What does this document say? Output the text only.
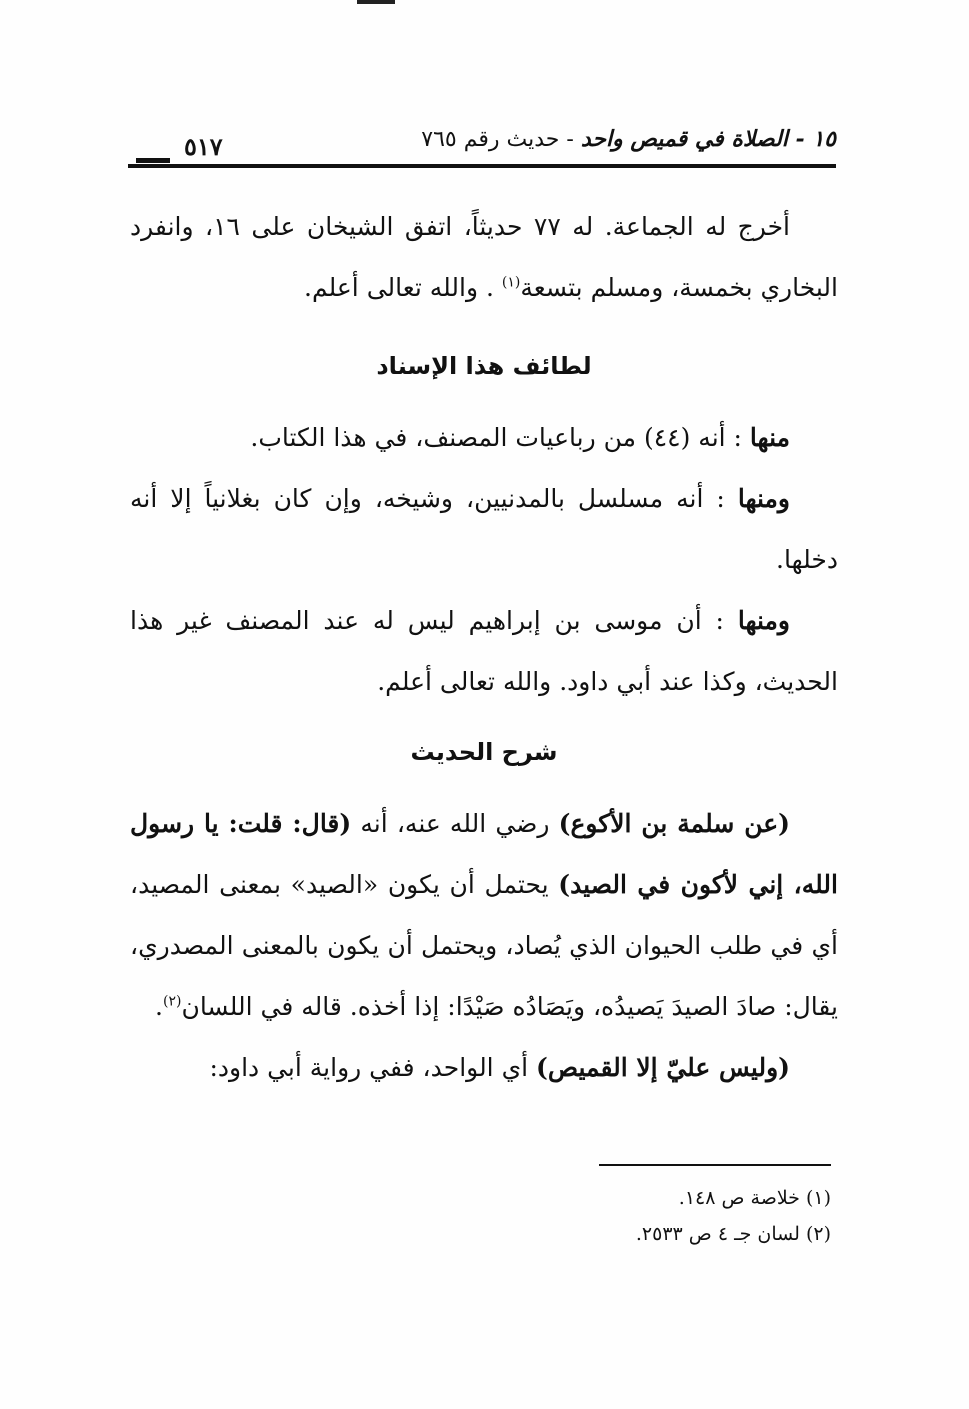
٥١٧	١٥ - الصلاة في قميص واحد - حديث رقم ٧٦٥

أخرج له الجماعة. له ٧٧ حديثاً، اتفق الشيخان على ١٦، وانفرد البخاري بخمسة، ومسلم بتسعة$^{(١)}$ . والله تعالى أعلم.

لطائف هذا الإسناد

منها : أنه (٤٤) من رباعيات المصنف، في هذا الكتاب.

ومنها : أنه مسلسل بالمدنيين، وشيخه، وإن كان بغلانياً إلا أنه دخلها.

ومنها : أن موسى بن إبراهيم ليس له عند المصنف غير هذا الحديث، وكذا عند أبي داود. والله تعالى أعلم.

شرح الحديث

(عن سلمة بن الأكوع) رضي الله عنه، أنه (قال: قلت: يا رسول الله، إني لأكون في الصيد) يحتمل أن يكون «الصيد» بمعنى المصيد، أي في طلب الحيوان الذي يُصاد، ويحتمل أن يكون بالمعنى المصدري، يقال: صادَ الصيدَ يَصيدُه، ويَصَادُه صَيْدًا: إذا أخذه. قاله في اللسان$^{(٢)}$.

(وليس عليّ إلا القميص) أي الواحد، ففي رواية أبي داود:

(١) خلاصة ص ١٤٨.
(٢) لسان جـ ٤ ص ٢٥٣٣.
